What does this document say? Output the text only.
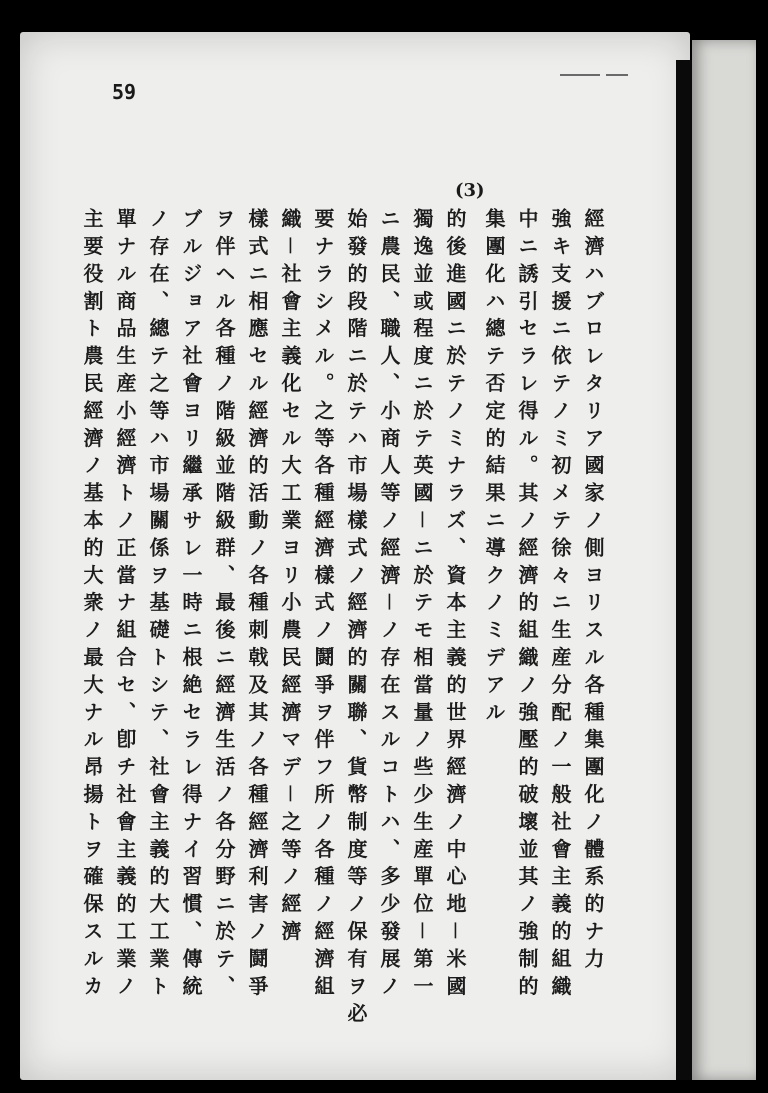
59
(3)
經濟ハブロレタリア國家ノ側ヨリスル各種集團化ノ體系的ナ力
強キ支援ニ依テノミ初メテ徐々ニ生産分配ノ一般社會主義的組織
中ニ誘引セラレ得ル。其ノ經濟的組織ノ強壓的破壞並其ノ強制的
集團化ハ總テ否定的結果ニ導クノミデアル
的後進國ニ於テノミナラズ、資本主義的世界經濟ノ中心地－米國
獨逸並或程度ニ於テ英國－ニ於テモ相當量ノ些少生産單位－第一
ニ農民、職人、小商人等ノ經濟－ノ存在スルコトハ、多少發展ノ
始發的段階ニ於テハ市場樣式ノ經濟的關聯、貨幣制度等ノ保有ヲ必
要ナラシメル。之等各種經濟樣式ノ鬪爭ヲ伴フ所ノ各種ノ經濟組
織－社會主義化セル大工業ヨリ小農民經濟マデ－之等ノ經濟
樣式ニ相應セル經濟的活動ノ各種刺戟及其ノ各種經濟利害ノ鬪爭
ヲ伴ヘル各種ノ階級並階級群、最後ニ經濟生活ノ各分野ニ於テ、
ブルジョア社會ヨリ繼承サレ一時ニ根絶セラレ得ナイ習慣、傳統
ノ存在、總テ之等ハ市場關係ヲ基礎トシテ、社會主義的大工業ト
單ナル商品生産小經濟トノ正當ナ組合セ、卽チ社會主義的工業ノ
主要役割ト農民經濟ノ基本的大衆ノ最大ナル昂揚トヲ確保スルカ
